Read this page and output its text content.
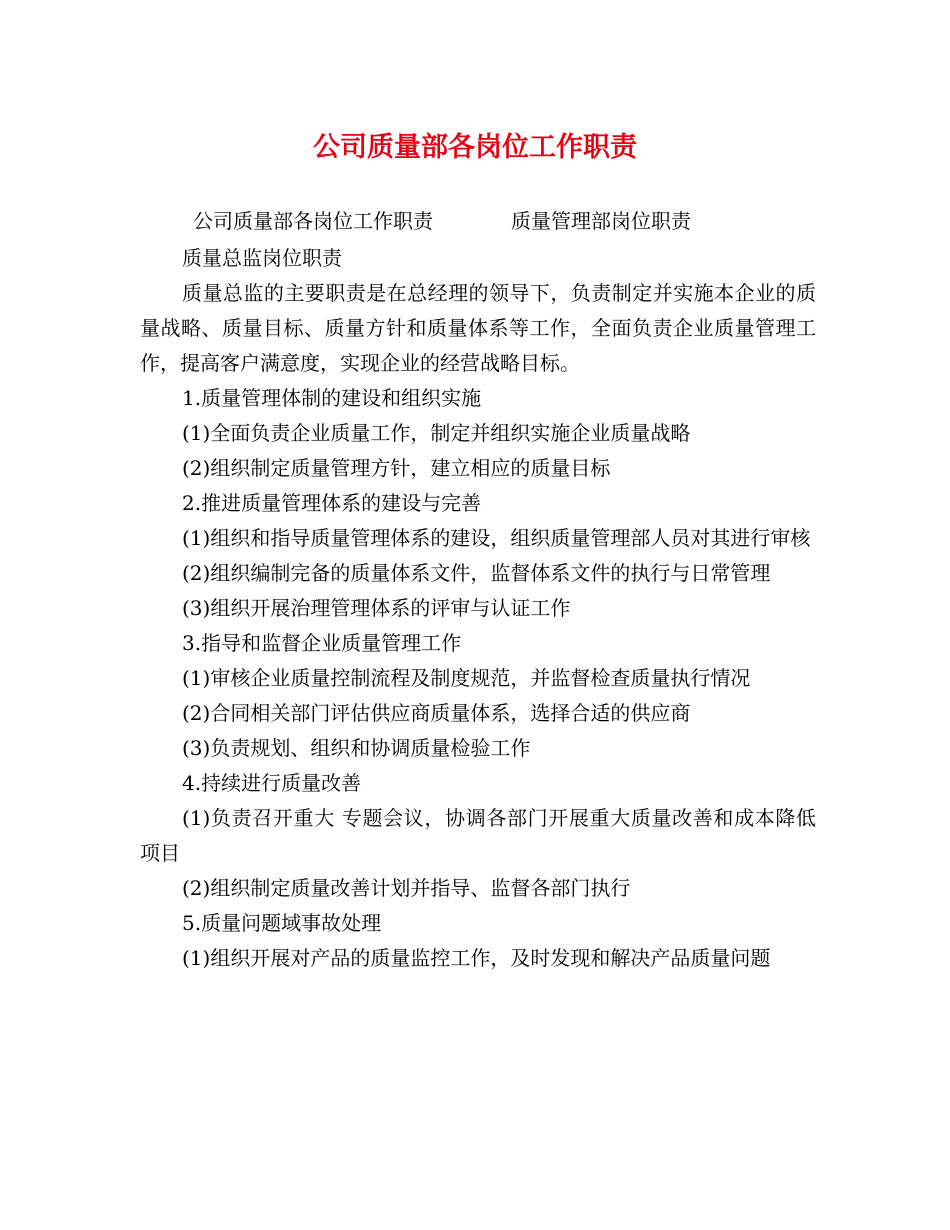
公司质量部各岗位工作职责
公司质量部各岗位工作职责	质量管理部岗位职责

质量总监岗位职责

质量总监的主要职责是在总经理的领导下，负责制定并实施本企业的质量战略、质量目标、质量方针和质量体系等工作，全面负责企业质量管理工作，提高客户满意度，实现企业的经营战略目标。

1.质量管理体制的建设和组织实施

(1)全面负责企业质量工作，制定并组织实施企业质量战略

(2)组织制定质量管理方针，建立相应的质量目标

2.推进质量管理体系的建设与完善

(1)组织和指导质量管理体系的建设，组织质量管理部人员对其进行审核

(2)组织编制完备的质量体系文件，监督体系文件的执行与日常管理

(3)组织开展治理管理体系的评审与认证工作

3.指导和监督企业质量管理工作

(1)审核企业质量控制流程及制度规范，并监督检查质量执行情况

(2)合同相关部门评估供应商质量体系，选择合适的供应商

(3)负责规划、组织和协调质量检验工作

4.持续进行质量改善

(1)负责召开重大 专题会议，协调各部门开展重大质量改善和成本降低项目

(2)组织制定质量改善计划并指导、监督各部门执行

5.质量问题域事故处理

(1)组织开展对产品的质量监控工作，及时发现和解决产品质量问题
